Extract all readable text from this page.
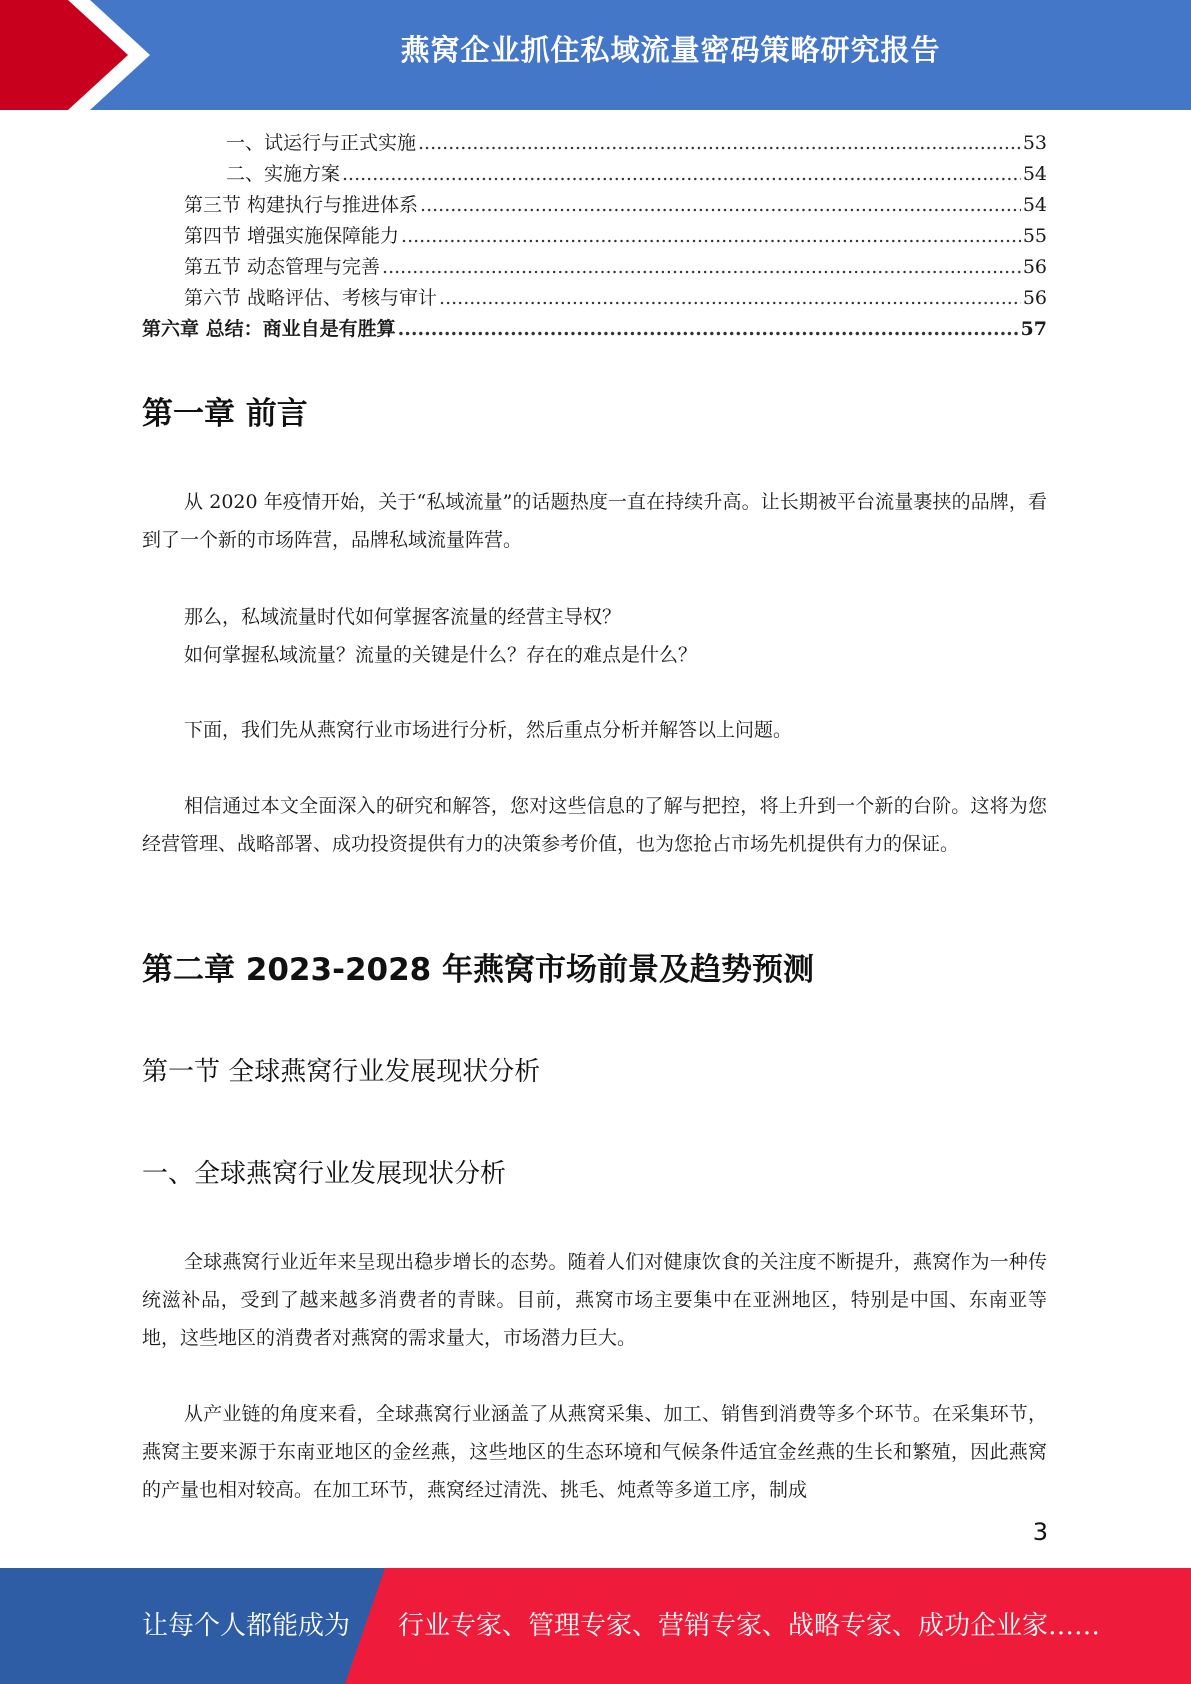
燕窝企业抓住私域流量密码策略研究报告
一、试运行与正式实施 .....	53
二、实施方案 .....	54
第三节 构建执行与推进体系 .....	54
第四节 增强实施保障能力 .....	55
第五节 动态管理与完善 .....	56
第六节 战略评估、考核与审计 .....	56
第六章 总结：商业自是有胜算 .....	57
第一章 前言
从 2020 年疫情开始，关于“私域流量”的话题热度一直在持续升高。让长期被平台流量裹挟的品牌，看到了一个新的市场阵营，品牌私域流量阵营。
那么，私域流量时代如何掌握客流量的经营主导权？
如何掌握私域流量？流量的关键是什么？存在的难点是什么？
下面，我们先从燕窝行业市场进行分析，然后重点分析并解答以上问题。
相信通过本文全面深入的研究和解答，您对这些信息的了解与把控，将上升到一个新的台阶。这将为您经营管理、战略部署、成功投资提供有力的决策参考价值，也为您抢占市场先机提供有力的保证。
第二章 2023-2028 年燕窝市场前景及趋势预测
第一节 全球燕窝行业发展现状分析
一、全球燕窝行业发展现状分析
全球燕窝行业近年来呈现出稳步增长的态势。随着人们对健康饮食的关注度不断提升，燕窝作为一种传统滋补品，受到了越来越多消费者的青睐。目前，燕窝市场主要集中在亚洲地区，特别是中国、东南亚等地，这些地区的消费者对燕窝的需求量大，市场潜力巨大。
从产业链的角度来看，全球燕窝行业涵盖了从燕窝采集、加工、销售到消费等多个环节。在采集环节，燕窝主要来源于东南亚地区的金丝燕，这些地区的生态环境和气候条件适宜金丝燕的生长和繁殖，因此燕窝的产量也相对较高。在加工环节，燕窝经过清洗、挑毛、炖煮等多道工序，制成
3
让每个人都能成为 行业专家、管理专家、营销专家、战略专家、成功企业家……
